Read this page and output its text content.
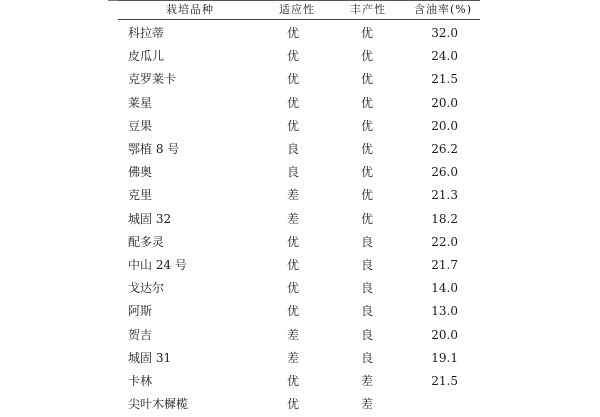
栽培品种	适应性	丰产性	含油率(%)
科拉蒂	优	优	32.0
皮瓜儿	优	优	24.0
克罗莱卡	优	优	21.5
莱星	优	优	20.0
豆果	优	优	20.0
鄂植 8 号	良	优	26.2
佛奥	良	优	26.0
克里	差	优	21.3
城固 32	差	优	18.2
配多灵	优	良	22.0
中山 24 号	优	良	21.7
戈达尔	优	良	14.0
阿斯	优	良	13.0
贺吉	差	良	20.0
城固 31	差	良	19.1
卡林	优	差	21.5
尖叶木樨榄	优	差
